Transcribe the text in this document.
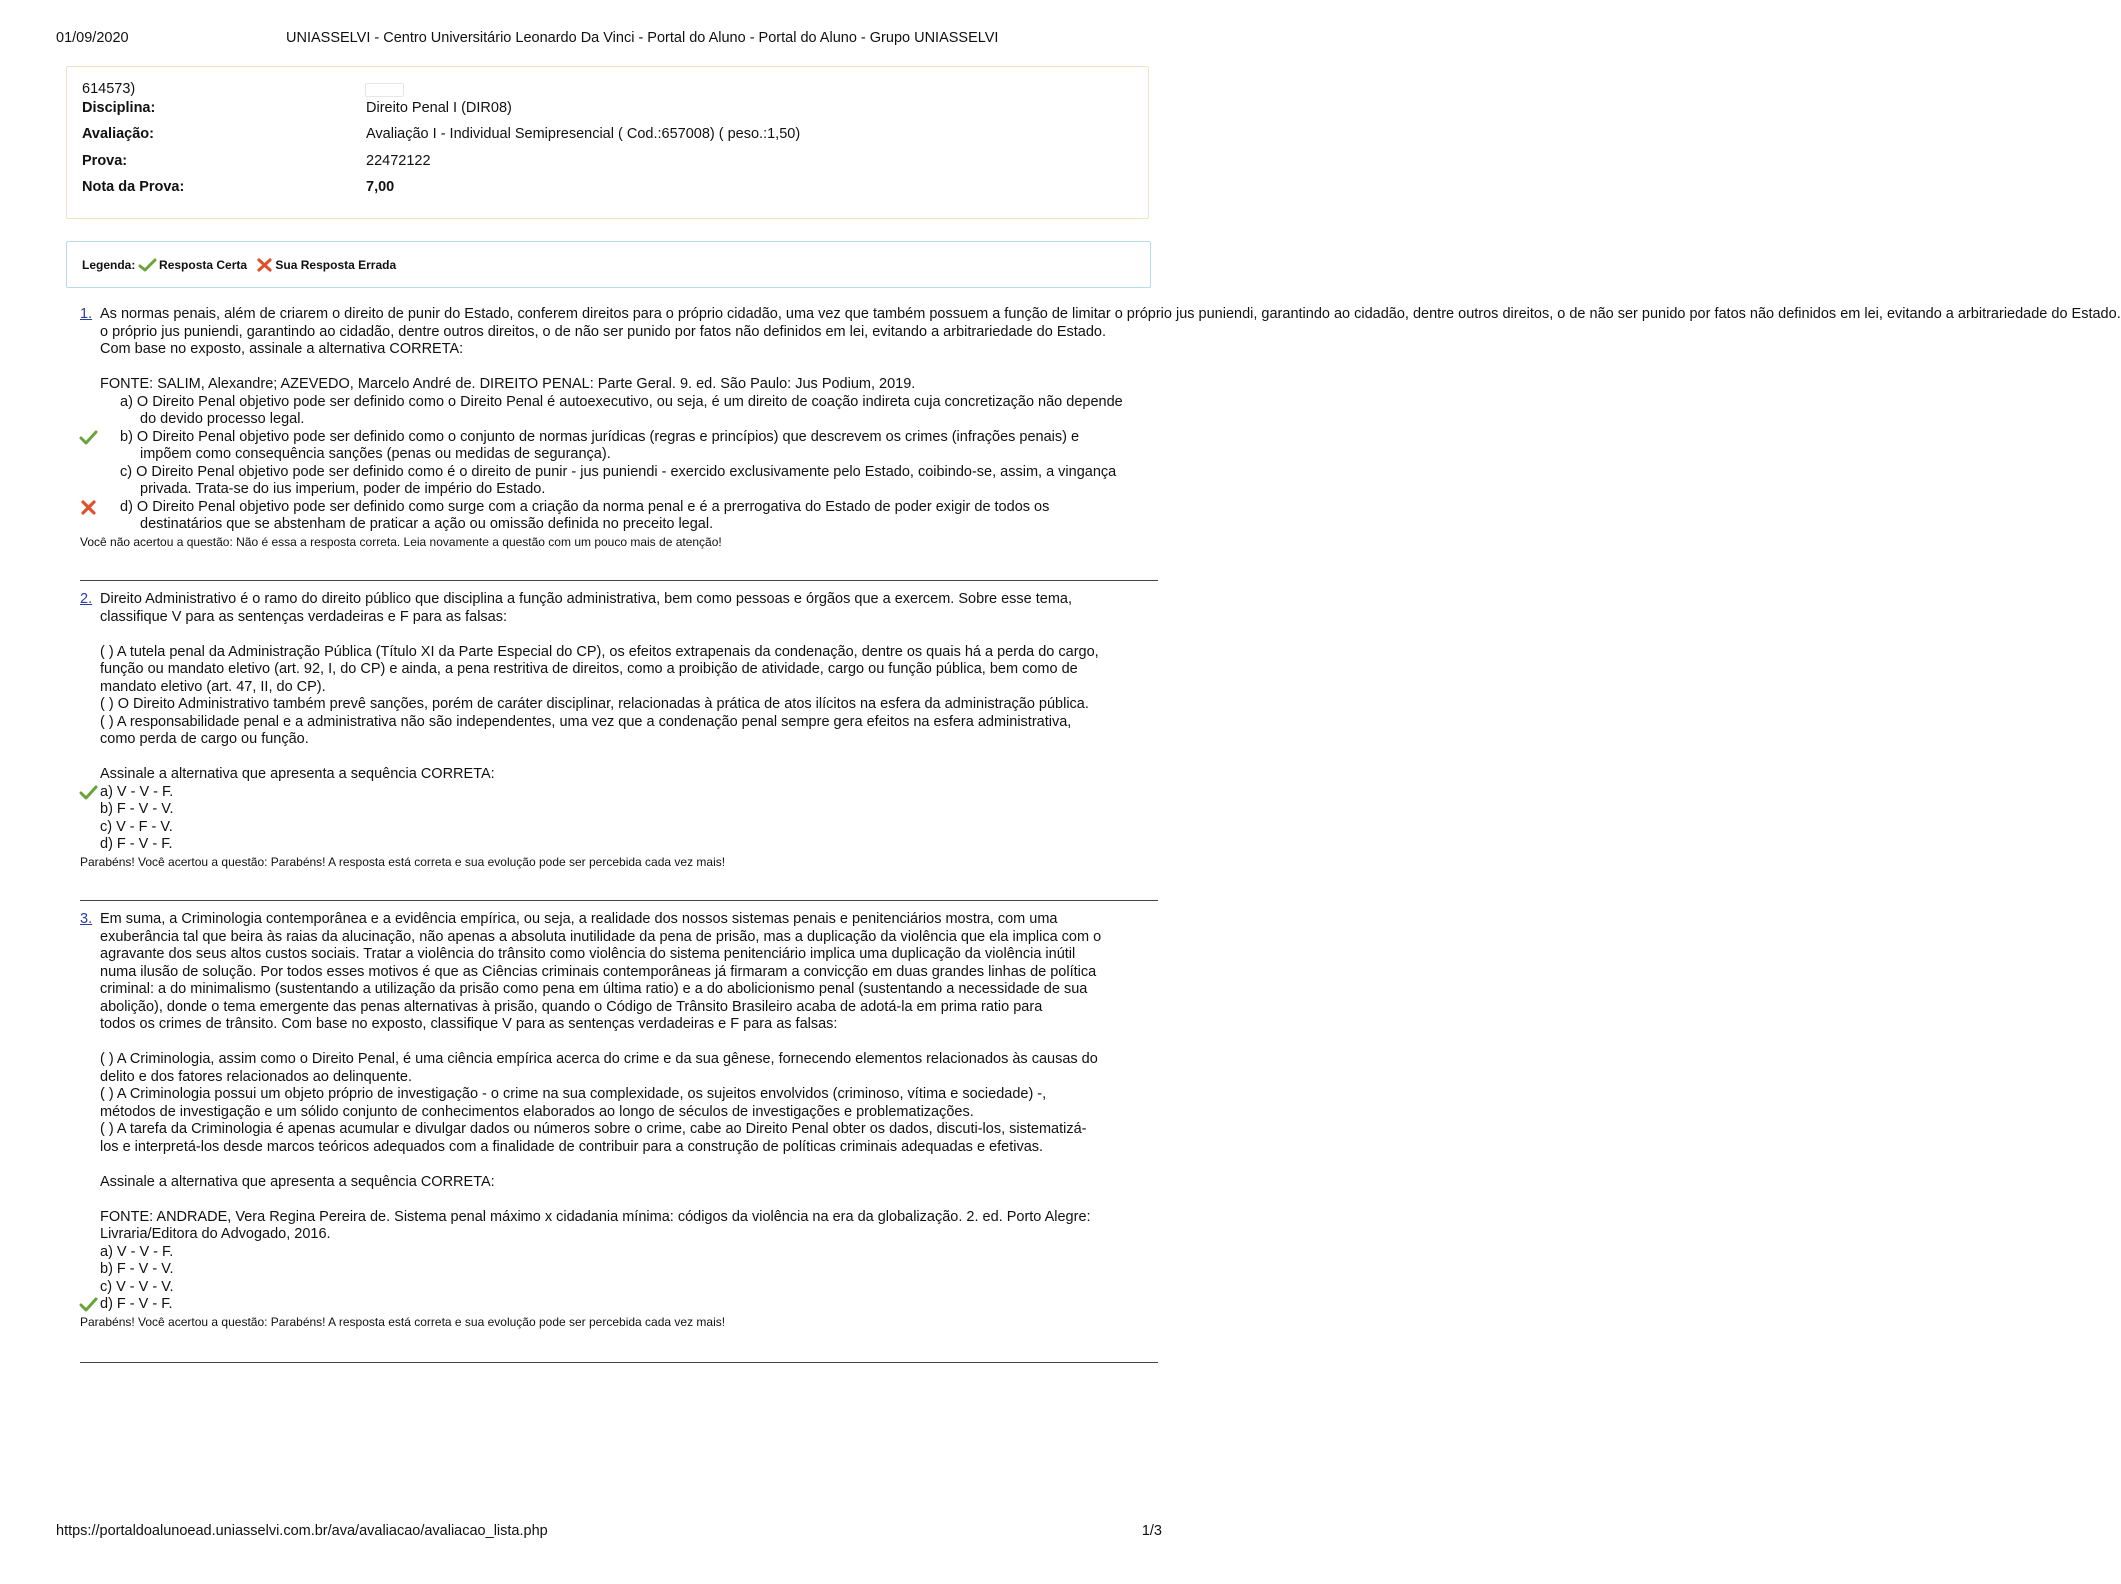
01/09/2020	UNIASSELVI - Centro Universitário Leonardo Da Vinci - Portal do Aluno - Portal do Aluno - Grupo UNIASSELVI
614573)
Disciplina:	Direito Penal I (DIR08)
Avaliação:	Avaliação I - Individual Semipresencial ( Cod.:657008) ( peso.:1,50)
Prova:	22472122
Nota da Prova:	7,00
Legenda: Resposta Certa Sua Resposta Errada
1. As normas penais, além de criarem o direito de punir do Estado, conferem direitos para o próprio cidadão, uma vez que também possuem a função de limitar o próprio jus puniendi, garantindo ao cidadão, dentre outros direitos, o de não ser punido por fatos não definidos em lei, evitando a arbitrariedade do Estado.

o próprio jus puniendi, garantindo ao cidadão, dentre outros direitos, o de não ser punido por fatos não definidos em lei, evitando a arbitrariedade do Estado.

Com base no exposto, assinale a alternativa CORRETA:

FONTE: SALIM, Alexandre; AZEVEDO, Marcelo André de. DIREITO PENAL: Parte Geral. 9. ed. São Paulo: Jus Podium, 2019.

a) O Direito Penal objetivo pode ser definido como o Direito Penal é autoexecutivo, ou seja, é um direito de coação indireta cuja concretização não depende

do devido processo legal.

b) O Direito Penal objetivo pode ser definido como o conjunto de normas jurídicas (regras e princípios) que descrevem os crimes (infrações penais) e

impõem como consequência sanções (penas ou medidas de segurança).

c) O Direito Penal objetivo pode ser definido como é o direito de punir - jus puniendi - exercido exclusivamente pelo Estado, coibindo-se, assim, a vingança

privada. Trata-se do ius imperium, poder de império do Estado.

d) O Direito Penal objetivo pode ser definido como surge com a criação da norma penal e é a prerrogativa do Estado de poder exigir de todos os

destinatários que se abstenham de praticar a ação ou omissão definida no preceito legal.

Você não acertou a questão: Não é essa a resposta correta. Leia novamente a questão com um pouco mais de atenção!

2. Direito Administrativo é o ramo do direito público que disciplina a função administrativa, bem como pessoas e órgãos que a exercem. Sobre esse tema,

classifique V para as sentenças verdadeiras e F para as falsas:

( ) A tutela penal da Administração Pública (Título XI da Parte Especial do CP), os efeitos extrapenais da condenação, dentre os quais há a perda do cargo,

função ou mandato eletivo (art. 92, I, do CP) e ainda, a pena restritiva de direitos, como a proibição de atividade, cargo ou função pública, bem como de

mandato eletivo (art. 47, II, do CP).

( ) O Direito Administrativo também prevê sanções, porém de caráter disciplinar, relacionadas à prática de atos ilícitos na esfera da administração pública.

( ) A responsabilidade penal e a administrativa não são independentes, uma vez que a condenação penal sempre gera efeitos na esfera administrativa,

como perda de cargo ou função.

Assinale a alternativa que apresenta a sequência CORRETA:

a) V - V - F.

b) F - V - V.

c) V - F - V.

d) F - V - F.

Parabéns! Você acertou a questão: Parabéns! A resposta está correta e sua evolução pode ser percebida cada vez mais!

3. Em suma, a Criminologia contemporânea e a evidência empírica, ou seja, a realidade dos nossos sistemas penais e penitenciários mostra, com uma

exuberância tal que beira às raias da alucinação, não apenas a absoluta inutilidade da pena de prisão, mas a duplicação da violência que ela implica com o

agravante dos seus altos custos sociais. Tratar a violência do trânsito como violência do sistema penitenciário implica uma duplicação da violência inútil

numa ilusão de solução. Por todos esses motivos é que as Ciências criminais contemporâneas já firmaram a convicção em duas grandes linhas de política

criminal: a do minimalismo (sustentando a utilização da prisão como pena em última ratio) e a do abolicionismo penal (sustentando a necessidade de sua

abolição), donde o tema emergente das penas alternativas à prisão, quando o Código de Trânsito Brasileiro acaba de adotá-la em prima ratio para

todos os crimes de trânsito. Com base no exposto, classifique V para as sentenças verdadeiras e F para as falsas:

( ) A Criminologia, assim como o Direito Penal, é uma ciência empírica acerca do crime e da sua gênese, fornecendo elementos relacionados às causas do

delito e dos fatores relacionados ao delinquente.

( ) A Criminologia possui um objeto próprio de investigação - o crime na sua complexidade, os sujeitos envolvidos (criminoso, vítima e sociedade) -,

métodos de investigação e um sólido conjunto de conhecimentos elaborados ao longo de séculos de investigações e problematizações.

( ) A tarefa da Criminologia é apenas acumular e divulgar dados ou números sobre o crime, cabe ao Direito Penal obter os dados, discuti-los, sistematizá-

los e interpretá-los desde marcos teóricos adequados com a finalidade de contribuir para a construção de políticas criminais adequadas e efetivas.

Assinale a alternativa que apresenta a sequência CORRETA:

FONTE: ANDRADE, Vera Regina Pereira de. Sistema penal máximo x cidadania mínima: códigos da violência na era da globalização. 2. ed. Porto Alegre:

Livraria/Editora do Advogado, 2016.

a) V - V - F.

b) F - V - V.

c) V - V - V.

d) F - V - F.

Parabéns! Você acertou a questão: Parabéns! A resposta está correta e sua evolução pode ser percebida cada vez mais!

https://portaldoalunoead.uniasselvi.com.br/ava/avaliacao/avaliacao_lista.php	1/3
